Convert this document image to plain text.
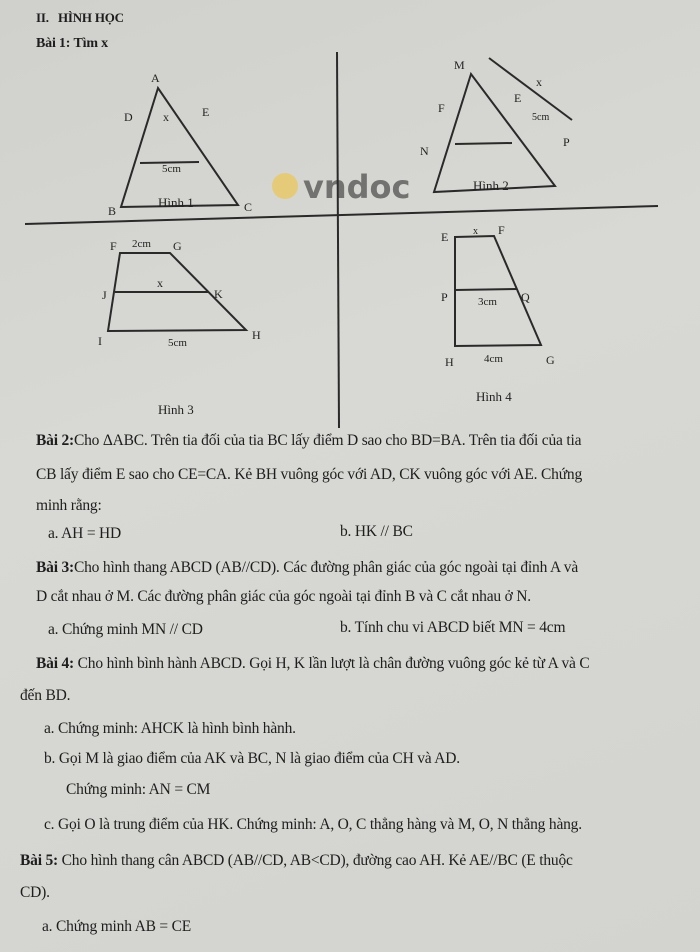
II. HÌNH HỌC
Bài 1: Tìm x
vndoc
A
B	C
D	E
x
5cm
Hình 1
M
N
P
F
E
x
5cm
Hình 2
F	G
J	K
I	H
x
2cm
5cm
Hình 3
E	F
P	Q
H	G
x
3cm
4cm
Hình 4
Bài 2:Cho ΔABC. Trên tia đối của tia BC lấy điểm D sao cho BD=BA. Trên tia đối của tia
CB lấy điểm E sao cho CE=CA. Kẻ BH vuông góc với AD, CK vuông góc với AE. Chứng
minh rằng:
a. AH = HD	b. HK // BC
Bài 3:Cho hình thang ABCD (AB//CD). Các đường phân giác của góc ngoài tại đỉnh A và
D cắt nhau ở M. Các đường phân giác của góc ngoài tại đỉnh B và C cắt nhau ở N.
a. Chứng minh MN // CD	b. Tính chu vi ABCD biết MN = 4cm
Bài 4: Cho hình bình hành ABCD. Gọi H, K lần lượt là chân đường vuông góc kẻ từ A và C
đến BD.
a. Chứng minh: AHCK là hình bình hành.
b. Gọi M là giao điểm của AK và BC, N là giao điểm của CH và AD.
Chứng minh: AN = CM
c. Gọi O là trung điểm của HK. Chứng minh: A, O, C thẳng hàng và M, O, N thẳng hàng.
Bài 5: Cho hình thang cân ABCD (AB//CD, AB<CD), đường cao AH. Kẻ AE//BC (E thuộc
CD).
a. Chứng minh AB = CE
